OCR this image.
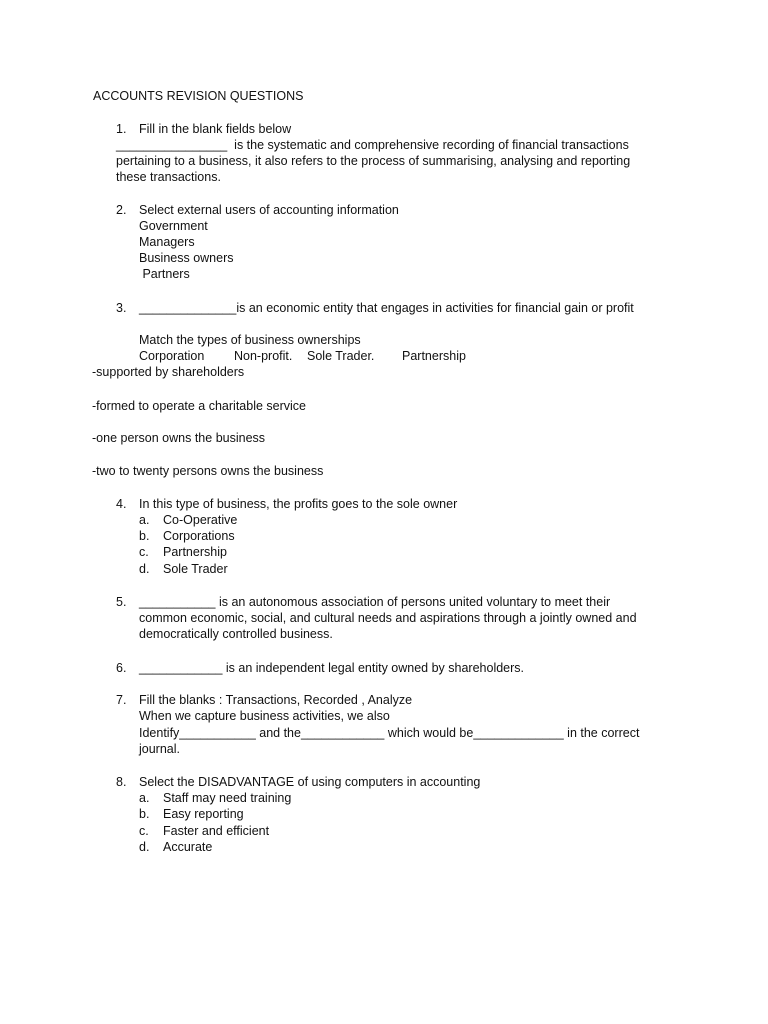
ACCOUNTS REVISION QUESTIONS
1. Fill in the blank fields below
________________  is the systematic and comprehensive recording of financial transactions
pertaining to a business, it also refers to the process of summarising, analysing and reporting
these transactions.
2. Select external users of accounting information
Government
Managers
Business owners
Partners
3. ______________is an economic entity that engages in activities for financial gain or profit
Match the types of business ownerships
Corporation Non-profit. Sole Trader. Partnership
-supported by shareholders
-formed to operate a charitable service
-one person owns the business
-two to twenty persons owns the business
4. In this type of business, the profits goes to the sole owner
a. Co-Operative
b. Corporations
c. Partnership
d. Sole Trader
5. ___________ is an autonomous association of persons united voluntary to meet their
common economic, social, and cultural needs and aspirations through a jointly owned and
democratically controlled business.
6. ____________ is an independent legal entity owned by shareholders.
7. Fill the blanks : Transactions, Recorded , Analyze
When we capture business activities, we also
Identify___________ and the____________ which would be_____________ in the correct
journal.
8. Select the DISADVANTAGE of using computers in accounting
a. Staff may need training
b. Easy reporting
c. Faster and efficient
d. Accurate
